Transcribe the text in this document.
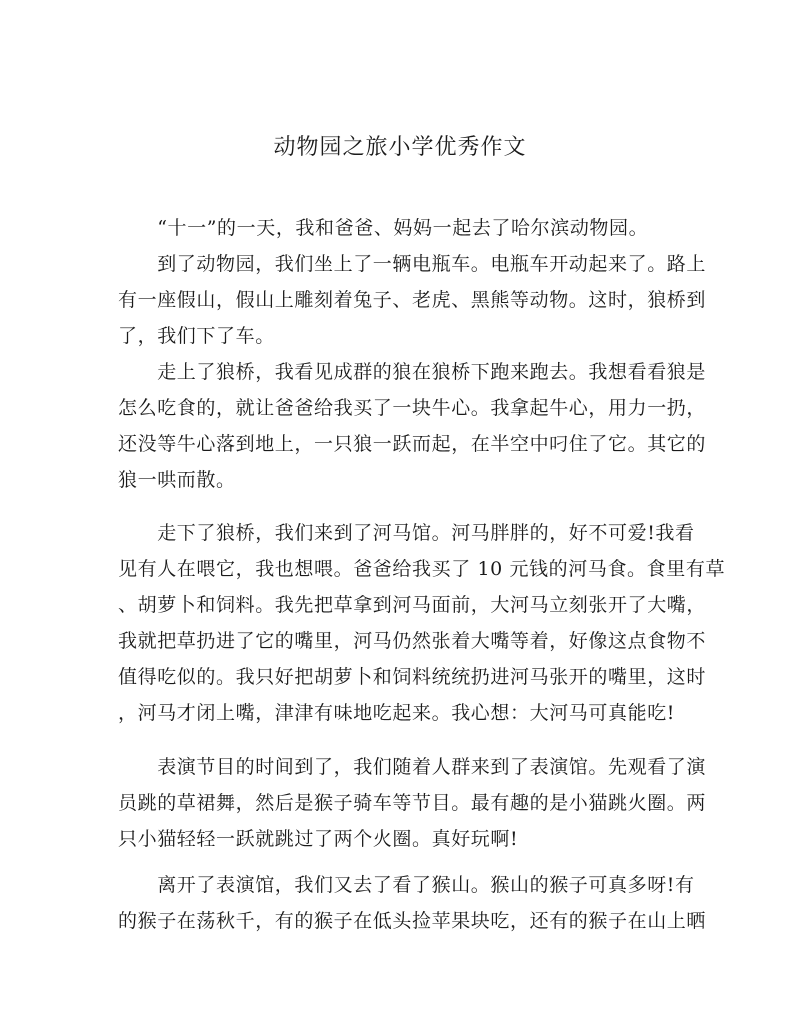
动物园之旅小学优秀作文
　　“十一”的一天，我和爸爸、妈妈一起去了哈尔滨动物园。
　　到了动物园，我们坐上了一辆电瓶车。电瓶车开动起来了。路上
有一座假山，假山上雕刻着兔子、老虎、黑熊等动物。这时，狼桥到
了，我们下了车。
　　走上了狼桥，我看见成群的狼在狼桥下跑来跑去。我想看看狼是
怎么吃食的，就让爸爸给我买了一块牛心。我拿起牛心，用力一扔，
还没等牛心落到地上，一只狼一跃而起，在半空中叼住了它。其它的
狼一哄而散。
　　走下了狼桥，我们来到了河马馆。河马胖胖的，好不可爱!我看
见有人在喂它，我也想喂。爸爸给我买了 10 元钱的河马食。食里有草
、胡萝卜和饲料。我先把草拿到河马面前，大河马立刻张开了大嘴，
我就把草扔进了它的嘴里，河马仍然张着大嘴等着，好像这点食物不
值得吃似的。我只好把胡萝卜和饲料统统扔进河马张开的嘴里，这时
，河马才闭上嘴，津津有味地吃起来。我心想：大河马可真能吃!
　　表演节目的时间到了，我们随着人群来到了表演馆。先观看了演
员跳的草裙舞，然后是猴子骑车等节目。最有趣的是小猫跳火圈。两
只小猫轻轻一跃就跳过了两个火圈。真好玩啊!
　　离开了表演馆，我们又去了看了猴山。猴山的猴子可真多呀!有
的猴子在荡秋千，有的猴子在低头捡苹果块吃，还有的猴子在山上晒
